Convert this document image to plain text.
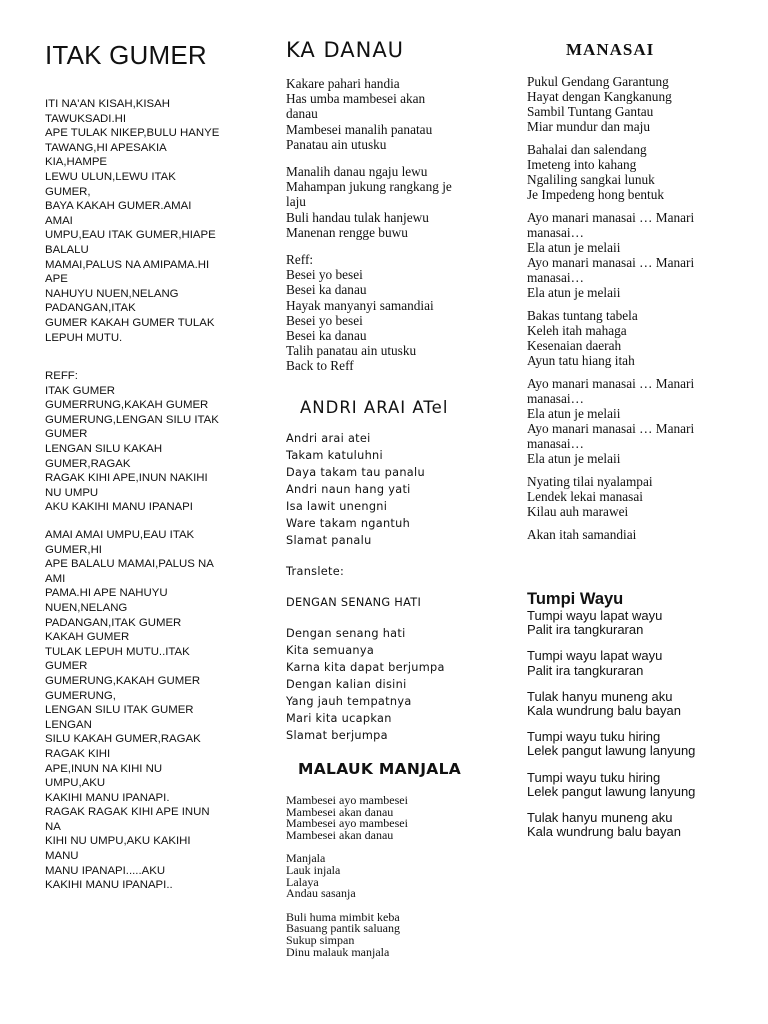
ITAK GUMER
ITI NA'AN KISAH,KISAH
TAWUKSADI.HI
APE TULAK NIKEP,BULU HANYE
TAWANG,HI APESAKIA
KIA,HAMPE
LEWU ULUN,LEWU ITAK
GUMER,
BAYA KAKAH GUMER.AMAI
AMAI
UMPU,EAU ITAK GUMER,HIAPE
BALALU
MAMAI,PALUS NA AMIPAMA.HI
APE
NAHUYU NUEN,NELANG
PADANGAN,ITAK
GUMER KAKAH GUMER TULAK
LEPUH MUTU.
REFF:
ITAK GUMER
GUMERRUNG,KAKAH GUMER
GUMERUNG,LENGAN SILU ITAK
GUMER
LENGAN SILU KAKAH
GUMER,RAGAK
RAGAK KIHI APE,INUN NAKIHI
NU UMPU
AKU KAKIHI MANU IPANAPI
AMAI AMAI UMPU,EAU ITAK
GUMER,HI
APE BALALU MAMAI,PALUS NA
AMI
PAMA.HI APE NAHUYU
NUEN,NELANG
PADANGAN,ITAK GUMER
KAKAH GUMER
TULAK LEPUH MUTU..ITAK
GUMER
GUMERUNG,KAKAH GUMER
GUMERUNG,
LENGAN SILU ITAK GUMER
LENGAN
SILU KAKAH GUMER,RAGAK
RAGAK KIHI
APE,INUN NA KIHI NU
UMPU,AKU
KAKIHI MANU IPANAPI.
RAGAK RAGAK KIHI APE INUN
NA
KIHI NU UMPU,AKU KAKIHI
MANU
MANU IPANAPI.....AKU
KAKIHI MANU IPANAPI..
KA DANAU
Kakare pahari handia
Has umba mambesei akan
danau
Mambesei manalih panatau
Panatau ain utusku
Manalih danau ngaju lewu
Mahampan jukung rangkang je
laju
Buli handau tulak hanjewu
Manenan rengge buwu
Reff:
Besei yo besei
Besei ka danau
Hayak manyanyi samandiai
Besei yo besei
Besei ka danau
Talih panatau ain utusku
Back to Reff
ANDRI ARAI ATel
Andri arai atei
Takam katuluhni
Daya takam tau panalu
Andri naun hang yati
Isa lawit unengni
Ware takam ngantuh
Slamat panalu
Translete:
DENGAN SENANG HATI
Dengan senang hati
Kita semuanya
Karna kita dapat berjumpa
Dengan kalian disini
Yang jauh tempatnya
Mari kita ucapkan
Slamat berjumpa
MALAUK MANJALA
Mambesei ayo mambesei
Mambesei akan danau
Mambesei ayo mambesei
Mambesei akan danau
Manjala
Lauk injala
Lalaya
Andau sasanja
Buli huma mimbit keba
Basuang pantik saluang
Sukup simpan
Dinu malauk manjala
MANASAI
Pukul Gendang Garantung
Hayat dengan Kangkanung
Sambil Tuntang Gantau
Miar mundur dan maju
Bahalai dan salendang
Imeteng into kahang
Ngaliling sangkai lunuk
Je Impedeng hong bentuk
Ayo manari manasai … Manari
manasai…
Ela atun je melaii
Ayo manari manasai … Manari
manasai…
Ela atun je melaii
Bakas tuntang tabela
Keleh itah mahaga
Kesenaian daerah
Ayun tatu hiang itah
Ayo manari manasai … Manari
manasai…
Ela atun je melaii
Ayo manari manasai … Manari
manasai…
Ela atun je melaii
Nyating tilai nyalampai
Lendek lekai manasai
Kilau auh marawei
Akan itah samandiai
Tumpi Wayu
Tumpi wayu lapat wayu
Palit ira tangkuraran
Tumpi wayu lapat wayu
Palit ira tangkuraran
Tulak hanyu muneng aku
Kala wundrung balu bayan
Tumpi wayu tuku hiring
Lelek pangut lawung lanyung
Tumpi wayu tuku hiring
Lelek pangut lawung lanyung
Tulak hanyu muneng aku
Kala wundrung balu bayan
